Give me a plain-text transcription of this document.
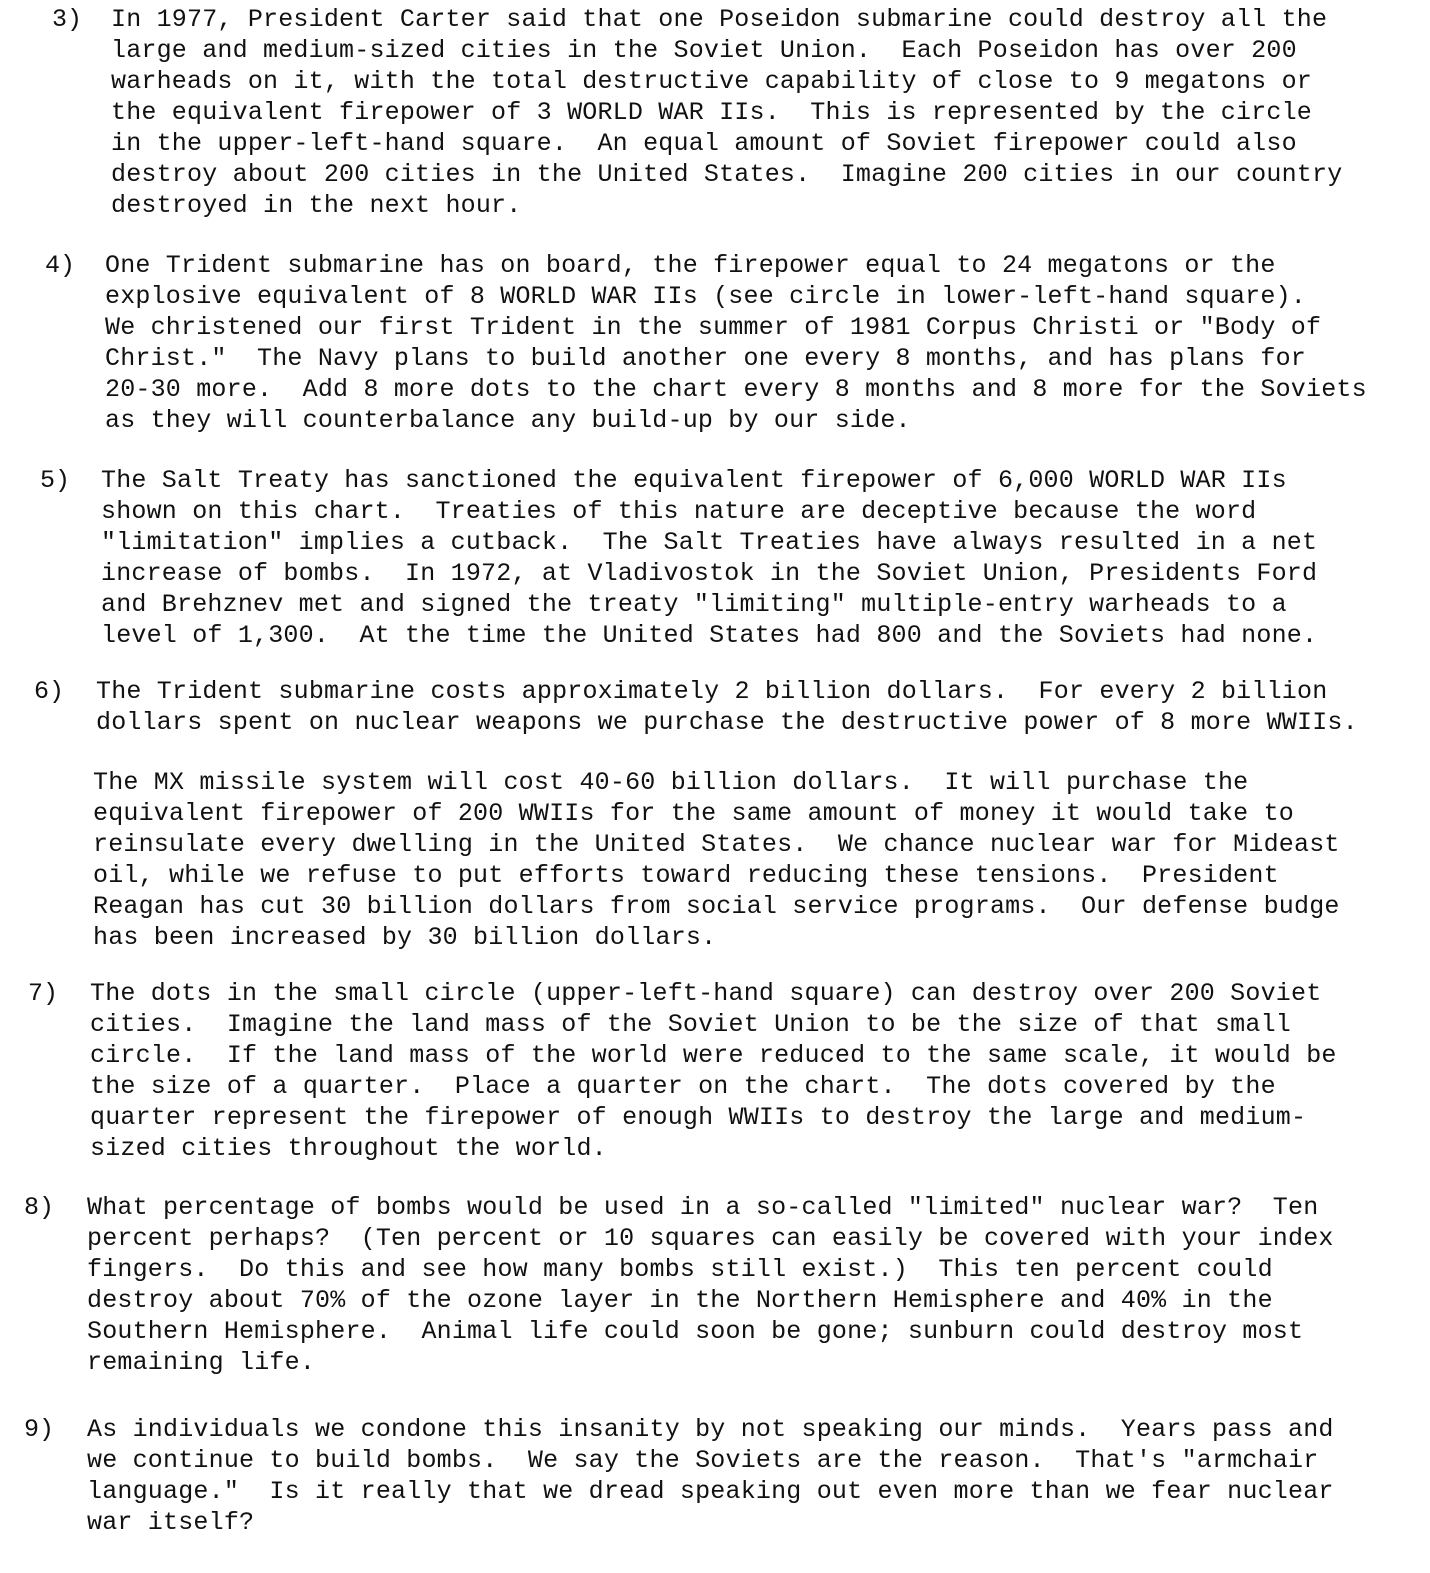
3) In 1977, President Carter said that one Poseidon submarine could destroy all the
large and medium-sized cities in the Soviet Union.  Each Poseidon has over 200
warheads on it, with the total destructive capability of close to 9 megatons or
the equivalent firepower of 3 WORLD WAR IIs.  This is represented by the circle
in the upper-left-hand square.  An equal amount of Soviet firepower could also
destroy about 200 cities in the United States.  Imagine 200 cities in our country
destroyed in the next hour.
4) One Trident submarine has on board, the firepower equal to 24 megatons or the
explosive equivalent of 8 WORLD WAR IIs (see circle in lower-left-hand square).
We christened our first Trident in the summer of 1981 Corpus Christi or "Body of
Christ."  The Navy plans to build another one every 8 months, and has plans for
20-30 more.  Add 8 more dots to the chart every 8 months and 8 more for the Soviets
as they will counterbalance any build-up by our side.
5) The Salt Treaty has sanctioned the equivalent firepower of 6,000 WORLD WAR IIs
shown on this chart.  Treaties of this nature are deceptive because the word
"limitation" implies a cutback.  The Salt Treaties have always resulted in a net
increase of bombs.  In 1972, at Vladivostok in the Soviet Union, Presidents Ford
and Brehznev met and signed the treaty "limiting" multiple-entry warheads to a
level of 1,300.  At the time the United States had 800 and the Soviets had none.
6) The Trident submarine costs approximately 2 billion dollars.  For every 2 billion
dollars spent on nuclear weapons we purchase the destructive power of 8 more WWIIs.
The MX missile system will cost 40-60 billion dollars.  It will purchase the
equivalent firepower of 200 WWIIs for the same amount of money it would take to
reinsulate every dwelling in the United States.  We chance nuclear war for Mideast
oil, while we refuse to put efforts toward reducing these tensions.  President
Reagan has cut 30 billion dollars from social service programs.  Our defense budge
has been increased by 30 billion dollars.
7) The dots in the small circle (upper-left-hand square) can destroy over 200 Soviet
cities.  Imagine the land mass of the Soviet Union to be the size of that small
circle.  If the land mass of the world were reduced to the same scale, it would be
the size of a quarter.  Place a quarter on the chart.  The dots covered by the
quarter represent the firepower of enough WWIIs to destroy the large and medium-
sized cities throughout the world.
8) What percentage of bombs would be used in a so-called "limited" nuclear war?  Ten
percent perhaps?  (Ten percent or 10 squares can easily be covered with your index
fingers.  Do this and see how many bombs still exist.)  This ten percent could
destroy about 70% of the ozone layer in the Northern Hemisphere and 40% in the
Southern Hemisphere.  Animal life could soon be gone; sunburn could destroy most
remaining life.
9) As individuals we condone this insanity by not speaking our minds.  Years pass and
we continue to build bombs.  We say the Soviets are the reason.  That's "armchair
language."  Is it really that we dread speaking out even more than we fear nuclear
war itself?
